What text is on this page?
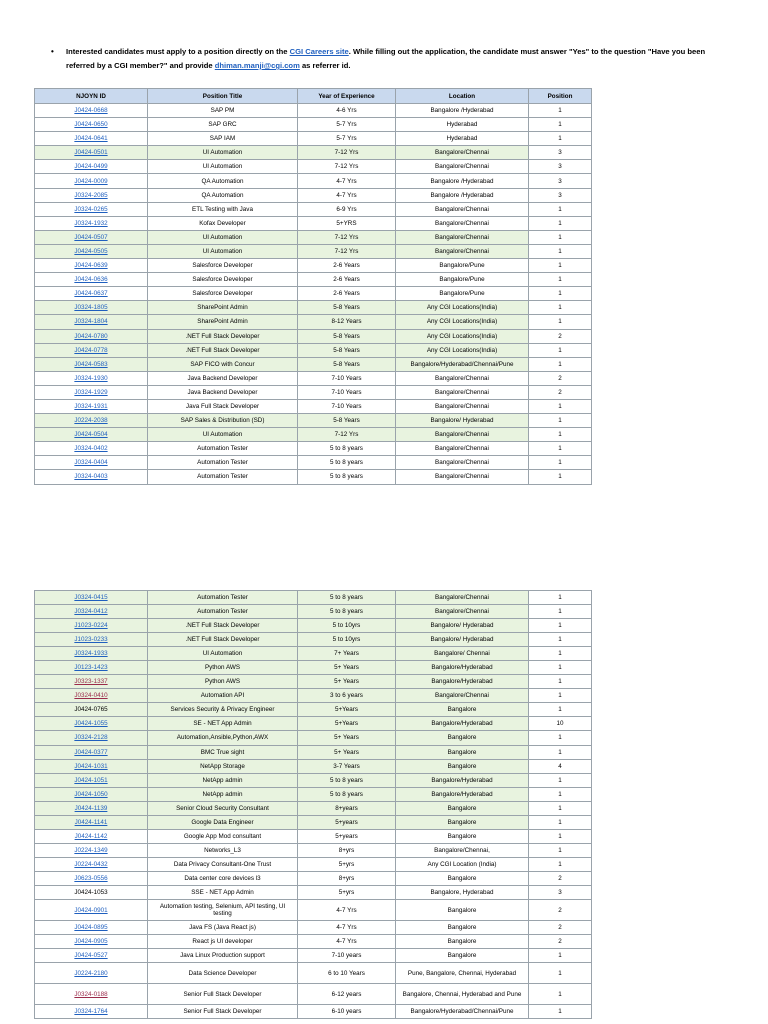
•	Interested candidates must apply to a position directly on the CGI Careers site. While filling out the application, the candidate must answer "Yes" to the question "Have you been referred by a CGI member?" and provide dhiman.manji@cgi.com as referrer id.
NJOYN ID	Position Title	Year of Experience	Location	Position
J0424-0668	SAP PM	4-6 Yrs	Bangalore /Hyderabad	1
J0424-0650	SAP GRC	5-7 Yrs	Hyderabad	1
J0424-0641	SAP IAM	5-7 Yrs	Hyderabad	1
J0424-0501	UI Automation	7-12 Yrs	Bangalore/Chennai	3
J0424-0499	UI Automation	7-12 Yrs	Bangalore/Chennai	3
J0424-0009	QA Automation	4-7 Yrs	Bangalore /Hyderabad	3
J0324-2085	QA Automation	4-7 Yrs	Bangalore /Hyderabad	3
J0324-0265	ETL Testing with Java	6-9 Yrs	Bangalore/Chennai	1
J0324-1932	Kofax Developer	5+YRS	Bangalore/Chennai	1
J0424-0507	UI Automation	7-12 Yrs	Bangalore/Chennai	1
J0424-0505	UI Automation	7-12 Yrs	Bangalore/Chennai	1
J0424-0639	Salesforce Developer	2-6 Years	Bangalore/Pune	1
J0424-0636	Salesforce Developer	2-6 Years	Bangalore/Pune	1
J0424-0637	Salesforce Developer	2-6 Years	Bangalore/Pune	1
J0324-1805	SharePoint Admin	5-8 Years	Any CGI Locations(India)	1
J0324-1804	SharePoint Admin	8-12 Years	Any CGI Locations(India)	1
J0424-0780	.NET Full Stack Developer	5-8 Years	Any CGI Locations(India)	2
J0424-0778	.NET Full Stack Developer	5-8 Years	Any CGI Locations(India)	1
J0424-0583	SAP FICO with Concur	5-8 Years	Bangalore/Hyderabad/Chennai/Pune	1
J0324-1930	Java Backend Developer	7-10 Years	Bangalore/Chennai	2
J0324-1929	Java Backend Developer	7-10 Years	Bangalore/Chennai	2
J0324-1931	Java Full Stack Developer	7-10 Years	Bangalore/Chennai	1
J0224-2038	SAP Sales & Distribution (SD)	5-8 Years	Bangalore/ Hyderabad	1
J0424-0504	UI Automation	7-12 Yrs	Bangalore/Chennai	1
J0324-0402	Automation Tester	5 to 8 years	Bangalore/Chennai	1
J0324-0404	Automation Tester	5 to 8 years	Bangalore/Chennai	1
J0324-0403	Automation Tester	5 to 8 years	Bangalore/Chennai	1
J0324-0415	Automation Tester	5 to 8 years	Bangalore/Chennai	1
J0324-0412	Automation Tester	5 to 8 years	Bangalore/Chennai	1
J1023-0224	.NET Full Stack Developer	5 to 10yrs	Bangalore/ Hyderabad	1
J1023-0233	.NET Full Stack Developer	5 to 10yrs	Bangalore/ Hyderabad	1
J0324-1933	UI Automation	7+ Years	Bangalore/ Chennai	1
J0123-1423	Python AWS	5+ Years	Bangalore/Hyderabad	1
J0323-1337	Python AWS	5+ Years	Bangalore/Hyderabad	1
J0324-0410	Automation API	3 to 6 years	Bangalore/Chennai	1
J0424-0765	Services Security & Privacy Engineer	5+Years	Bangalore	1
J0424-1055	SE - NET App Admin	5+Years	Bangalore/Hyderabad	10
J0324-2128	Automation,Ansible,Python,AWX	5+ Years	Bangalore	1
J0424-0377	BMC True sight	5+ Years	Bangalore	1
J0424-1031	NetApp Storage	3-7 Years	Bangalore	4
J0424-1051	NetApp admin	5 to 8 years	Bangalore/Hyderabad	1
J0424-1050	NetApp admin	5 to 8 years	Bangalore/Hyderabad	1
J0424-1139	Senior Cloud Security Consultant	8+years	Bangalore	1
J0424-1141	Google Data Engineer	5+years	Bangalore	1
J0424-1142	Google App Mod consultant	5+years	Bangalore	1
J0224-1349	Networks_L3	8+yrs	Bangalore/Chennai,	1
J0224-0432	Data Privacy Consultant-One Trust	5+yrs	Any CGI Location (India)	1
J0623-0556	Data center core devices l3	8+yrs	Bangalore	2
J0424-1053	SSE - NET App Admin	5+yrs	Bangalore, Hyderabad	3
J0424-0901	Automation testing, Selenium, API testing, UI testing	4-7 Yrs	Bangalore	2
J0424-0895	Java FS (Java React js)	4-7 Yrs	Bangalore	2
J0424-0905	React js UI developer	4-7 Yrs	Bangalore	2
J0424-0527	Java Linux Production support	7-10 years	Bangalore	1
J0224-2180	Data Science Developer	6 to 10 Years	Pune, Bangalore, Chennai, Hyderabad	1
J0324-0188	Senior Full Stack Developer	6-12 years	Bangalore, Chennai, Hyderabad and Pune	1
J0324-1764	Senior Full Stack Developer	6-10 years	Bangalore/Hyderabad/Chennai/Pune	1
